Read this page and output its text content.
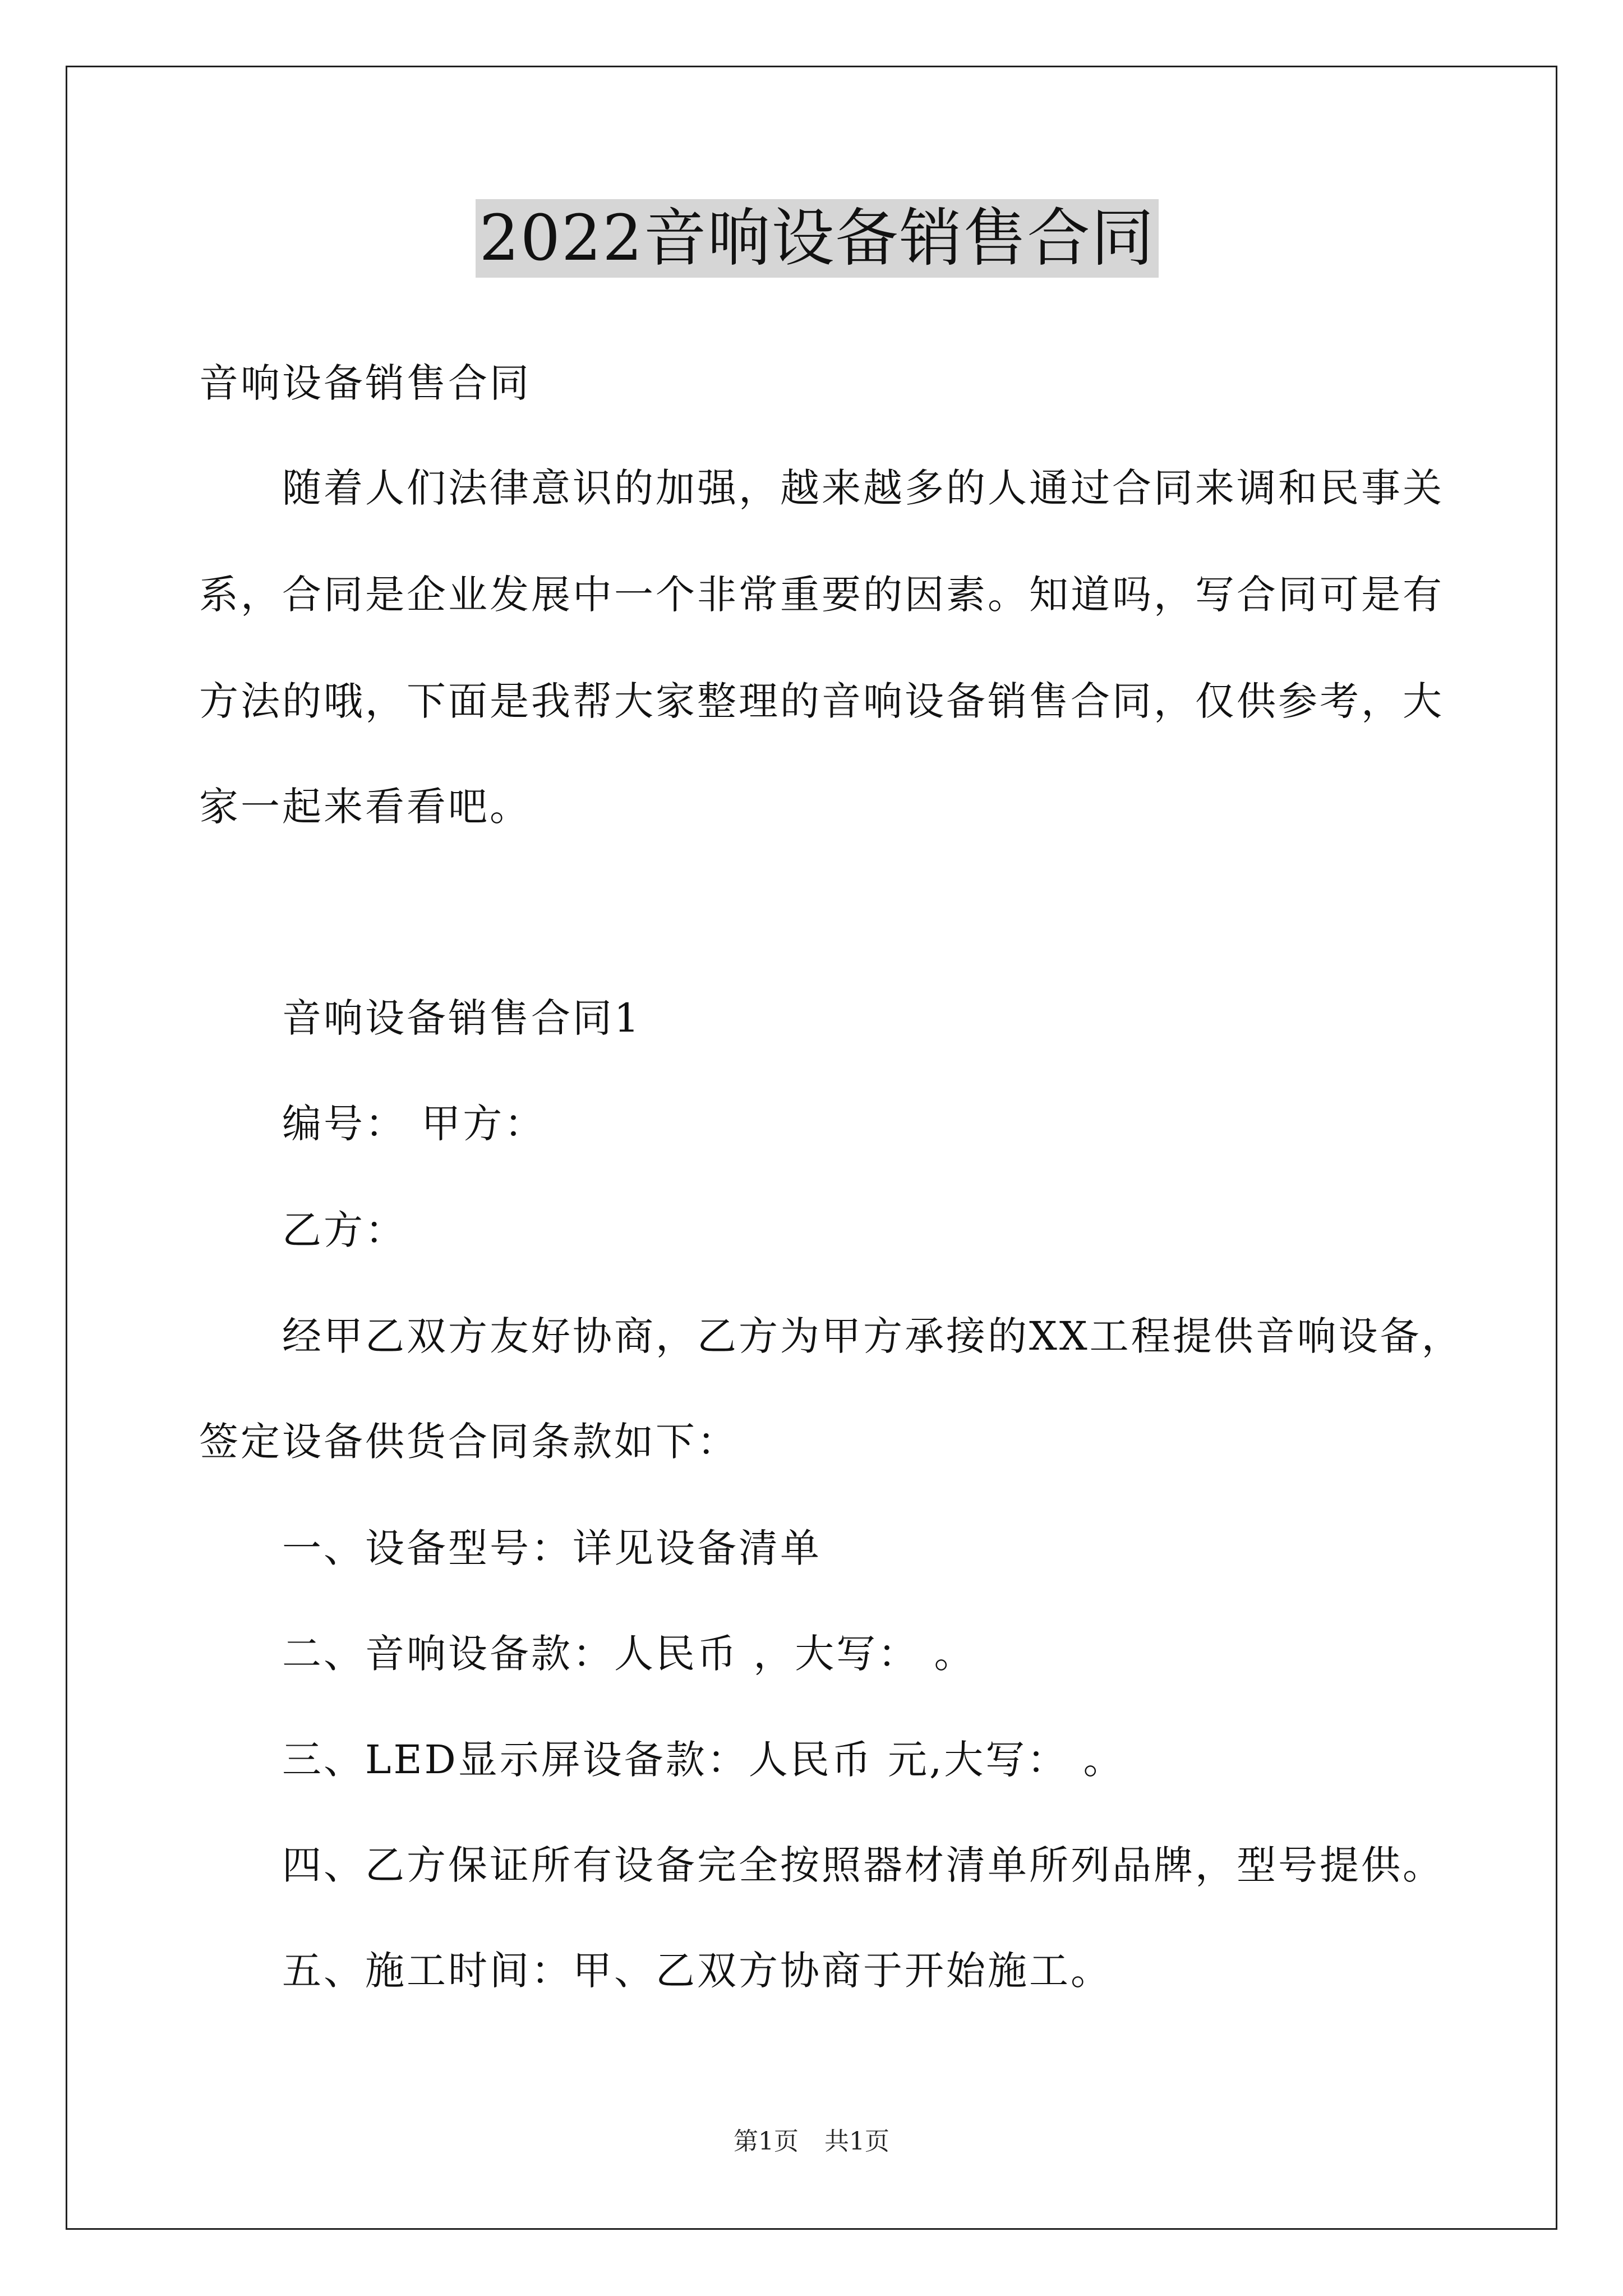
2022音响设备销售合同
音响设备销售合同
随着人们法律意识的加强，越来越多的人通过合同来调和民事关
系，合同是企业发展中一个非常重要的因素。知道吗，写合同可是有
方法的哦，下面是我帮大家整理的音响设备销售合同，仅供参考，大
家一起来看看吧。
音响设备销售合同1
编号： 甲方：
乙方：
经甲乙双方友好协商，乙方为甲方承接的XX工程提供音响设备，
签定设备供货合同条款如下：
一、设备型号：详见设备清单
二、音响设备款：人民币 ，大写： 。
三、LED显示屏设备款：人民币 元,大写： 。
四、乙方保证所有设备完全按照器材清单所列品牌，型号提供。
五、施工时间：甲、乙双方协商于开始施工。
第1页 共1页
